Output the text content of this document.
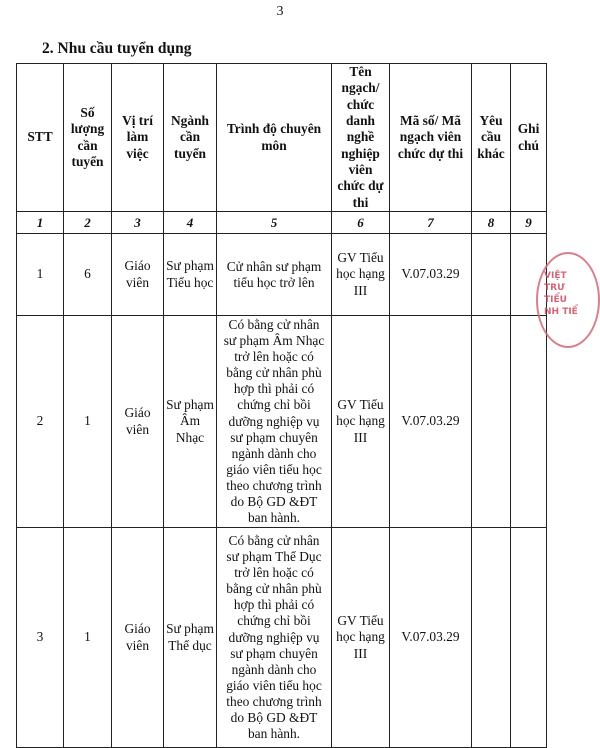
3
2. Nhu cầu tuyển dụng
STT	Số lượng cần tuyển	Vị trí làm việc	Ngành cần tuyển	Trình độ chuyên môn	Tên ngạch/ chức danh nghề nghiệp viên chức dự thi	Mã số/ Mã ngạch viên chức dự thi	Yêu cầu khác	Ghi chú
1	2	3	4	5	6	7	8	9
1	6	Giáo viên	Sư phạm Tiểu học	Cử nhân sư phạm tiểu học trở lên	GV Tiểu học hạng III	V.07.03.29		
2	1	Giáo viên	Sư phạm Âm Nhạc	Có bằng cử nhân sư phạm Âm Nhạc trở lên hoặc có bằng cử nhân phù hợp thì phải có chứng chỉ bồi dưỡng nghiệp vụ sư phạm chuyên ngành dành cho giáo viên tiểu học theo chương trình do Bộ GD &ĐT ban hành.	GV Tiểu học hạng III	V.07.03.29		
3	1	Giáo viên	Sư phạm Thể dục	Có bằng cử nhân sư phạm Thể Dục trở lên hoặc có bằng cử nhân phù hợp thì phải có chứng chỉ bồi dưỡng nghiệp vụ sư phạm chuyên ngành dành cho giáo viên tiểu học theo chương trình do Bộ GD &ĐT ban hành.	GV Tiểu học hạng III	V.07.03.29		
VIỆT
TRƯ
TIỂU
NH TIỂ
